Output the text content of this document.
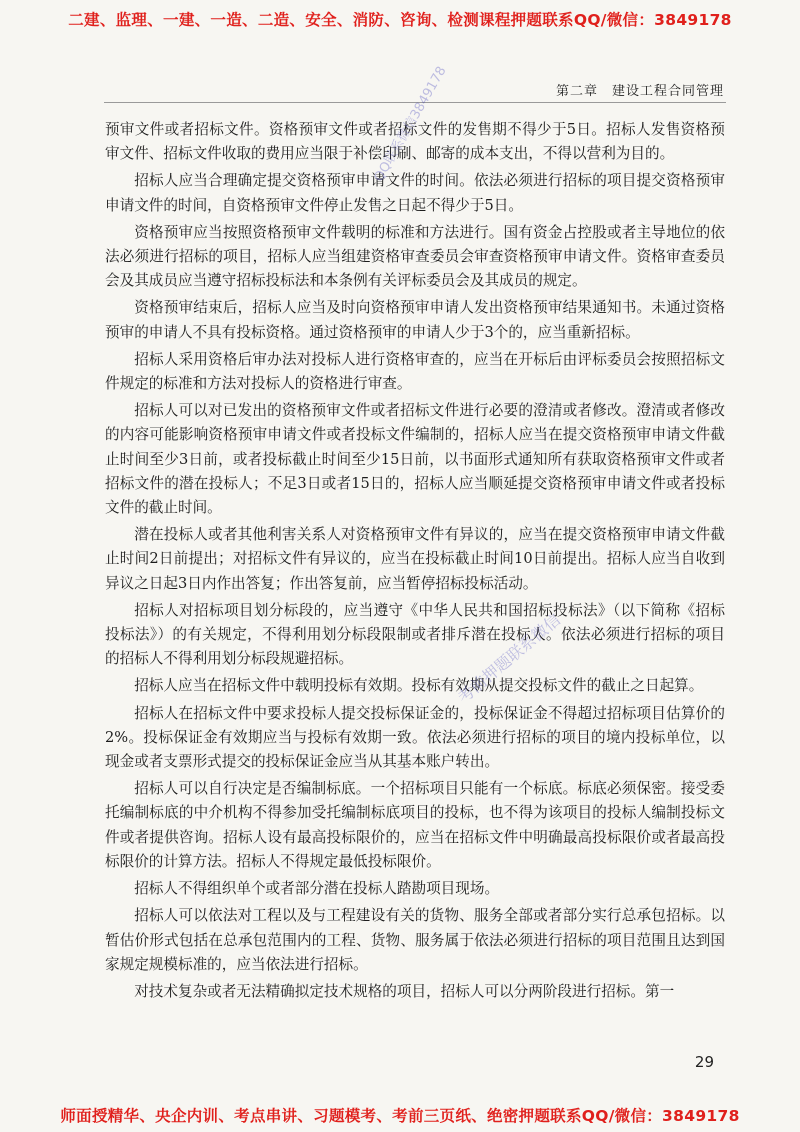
二建、监理、一建、一造、二造、安全、消防、咨询、检测课程押题联系QQ/微信：3849178
第二章　建设工程合同管理

预审文件或者招标文件。资格预审文件或者招标文件的发售期不得少于5日。招标人发售资格预审文件、招标文件收取的费用应当限于补偿印刷、邮寄的成本支出，不得以营利为目的。

招标人应当合理确定提交资格预审申请文件的时间。依法必须进行招标的项目提交资格预审申请文件的时间，自资格预审文件停止发售之日起不得少于5日。

资格预审应当按照资格预审文件载明的标准和方法进行。国有资金占控股或者主导地位的依法必须进行招标的项目，招标人应当组建资格审查委员会审查资格预审申请文件。资格审查委员会及其成员应当遵守招标投标法和本条例有关评标委员会及其成员的规定。

资格预审结束后，招标人应当及时向资格预审申请人发出资格预审结果通知书。未通过资格预审的申请人不具有投标资格。通过资格预审的申请人少于3个的，应当重新招标。

招标人采用资格后审办法对投标人进行资格审查的，应当在开标后由评标委员会按照招标文件规定的标准和方法对投标人的资格进行审查。

招标人可以对已发出的资格预审文件或者招标文件进行必要的澄清或者修改。澄清或者修改的内容可能影响资格预审申请文件或者投标文件编制的，招标人应当在提交资格预审申请文件截止时间至少3日前，或者投标截止时间至少15日前，以书面形式通知所有获取资格预审文件或者招标文件的潜在投标人；不足3日或者15日的，招标人应当顺延提交资格预审申请文件或者投标文件的截止时间。

潜在投标人或者其他利害关系人对资格预审文件有异议的，应当在提交资格预审申请文件截止时间2日前提出；对招标文件有异议的，应当在投标截止时间10日前提出。招标人应当自收到异议之日起3日内作出答复；作出答复前，应当暂停招标投标活动。

招标人对招标项目划分标段的，应当遵守《中华人民共和国招标投标法》（以下简称《招标投标法》）的有关规定，不得利用划分标段限制或者排斥潜在投标人。依法必须进行招标的项目的招标人不得利用划分标段规避招标。

招标人应当在招标文件中载明投标有效期。投标有效期从提交投标文件的截止之日起算。

招标人在招标文件中要求投标人提交投标保证金的，投标保证金不得超过招标项目估算价的2%。投标保证金有效期应当与投标有效期一致。依法必须进行招标的项目的境内投标单位，以现金或者支票形式提交的投标保证金应当从其基本账户转出。

招标人可以自行决定是否编制标底。一个招标项目只能有一个标底。标底必须保密。接受委托编制标底的中介机构不得参加受托编制标底项目的投标，也不得为该项目的投标人编制投标文件或者提供咨询。招标人设有最高投标限价的，应当在招标文件中明确最高投标限价或者最高投标限价的计算方法。招标人不得规定最低投标限价。

招标人不得组织单个或者部分潜在投标人踏勘项目现场。

招标人可以依法对工程以及与工程建设有关的货物、服务全部或者部分实行总承包招标。以暂估价形式包括在总承包范围内的工程、货物、服务属于依法必须进行招标的项目范围且达到国家规定规模标准的，应当依法进行招标。

对技术复杂或者无法精确拟定技术规格的项目，招标人可以分两阶段进行招标。第一

QQ联系微信3849178
考前押题联系微信
29
师面授精华、央企内训、考点串讲、习题模考、考前三页纸、绝密押题联系QQ/微信：3849178
